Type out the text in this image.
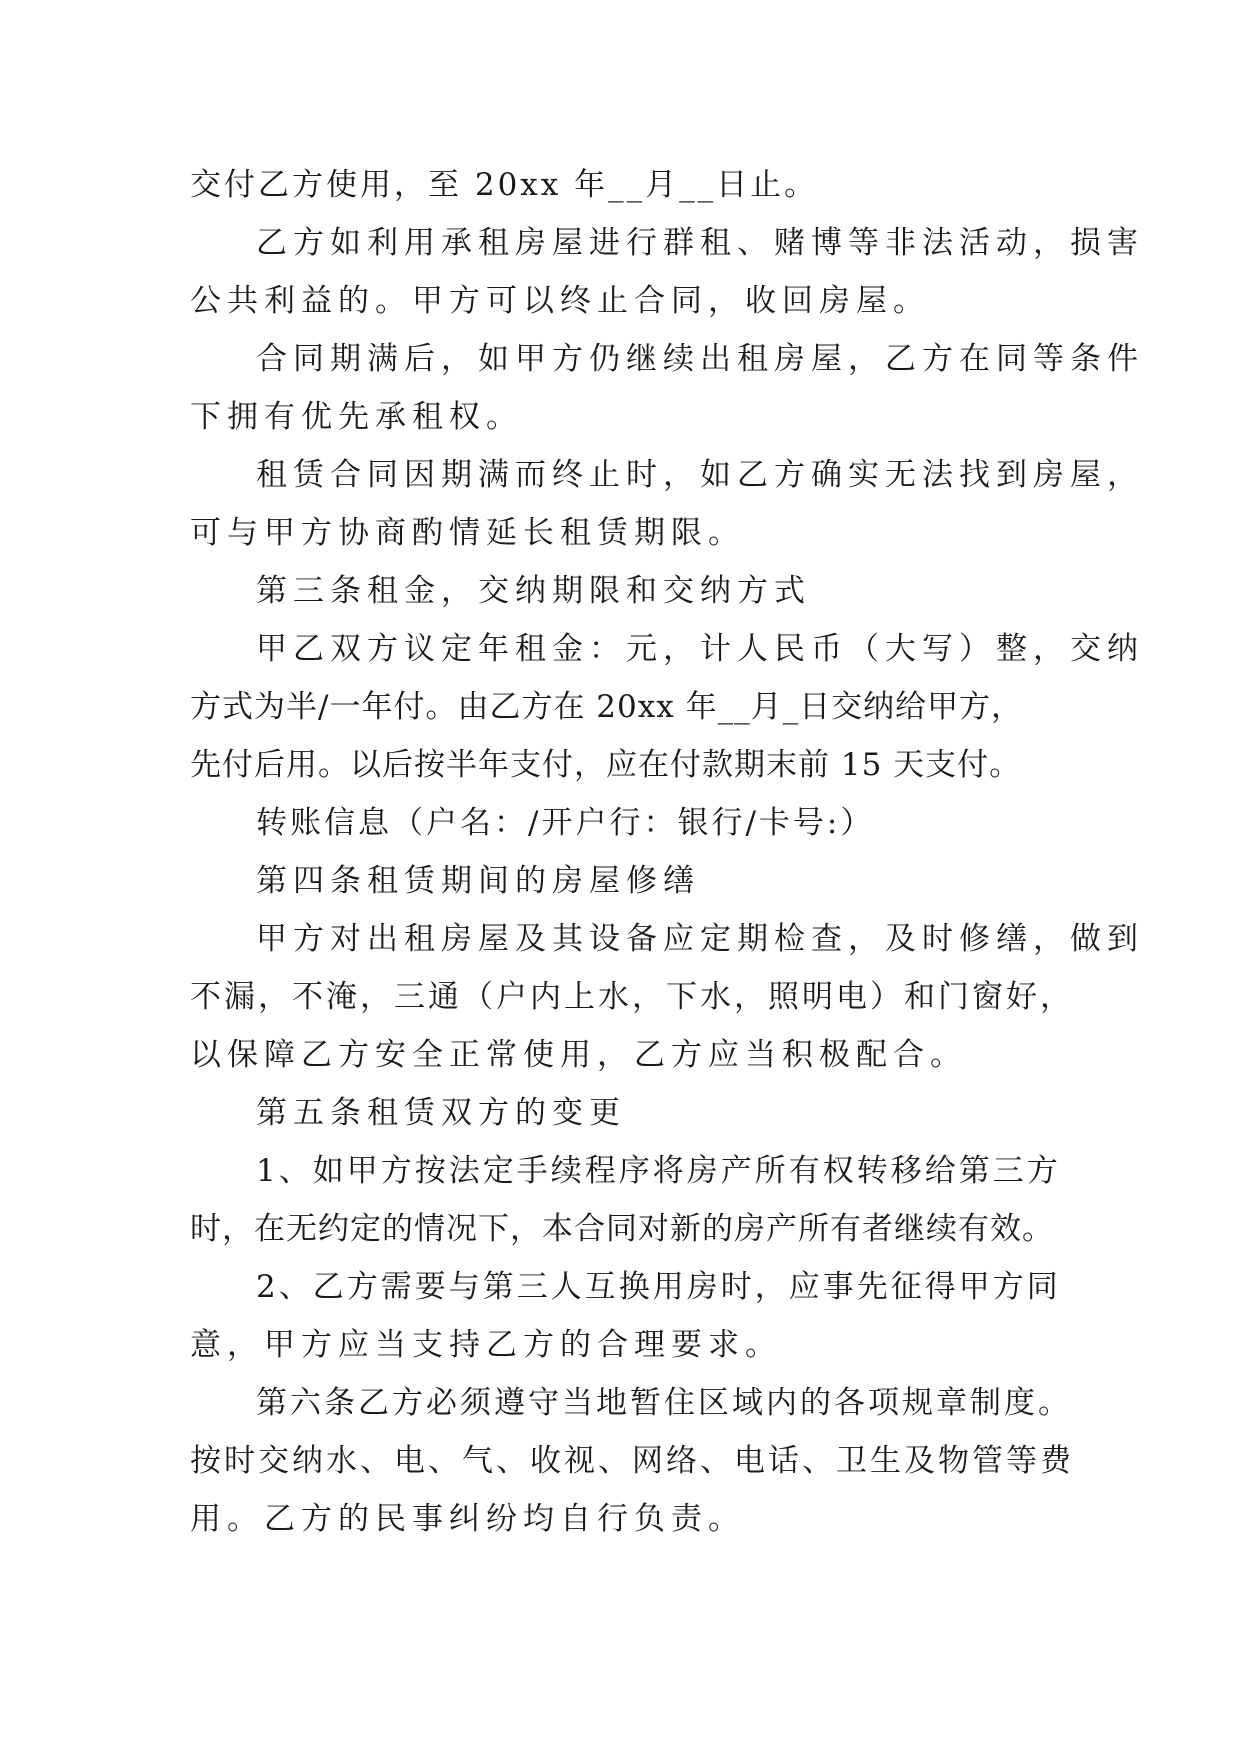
交付乙方使用，至 20xx 年__月__日止。
乙方如利用承租房屋进行群租、赌博等非法活动，损害
公共利益的。甲方可以终止合同，收回房屋。
合同期满后，如甲方仍继续出租房屋，乙方在同等条件
下拥有优先承租权。
租赁合同因期满而终止时，如乙方确实无法找到房屋，
可与甲方协商酌情延长租赁期限。
第三条租金，交纳期限和交纳方式
甲乙双方议定年租金：元，计人民币（大写）整，交纳
方式为半/一年付。由乙方在 20xx 年__月_日交纳给甲方，
先付后用。以后按半年支付，应在付款期末前 15 天支付。
转账信息（户名：/开户行：银行/卡号:）
第四条租赁期间的房屋修缮
甲方对出租房屋及其设备应定期检查，及时修缮，做到
不漏，不淹，三通（户内上水，下水，照明电）和门窗好，
以保障乙方安全正常使用，乙方应当积极配合。
第五条租赁双方的变更
1、如甲方按法定手续程序将房产所有权转移给第三方
时，在无约定的情况下，本合同对新的房产所有者继续有效。
2、乙方需要与第三人互换用房时，应事先征得甲方同
意，甲方应当支持乙方的合理要求。
第六条乙方必须遵守当地暂住区域内的各项规章制度。
按时交纳水、电、气、收视、网络、电话、卫生及物管等费
用。乙方的民事纠纷均自行负责。
